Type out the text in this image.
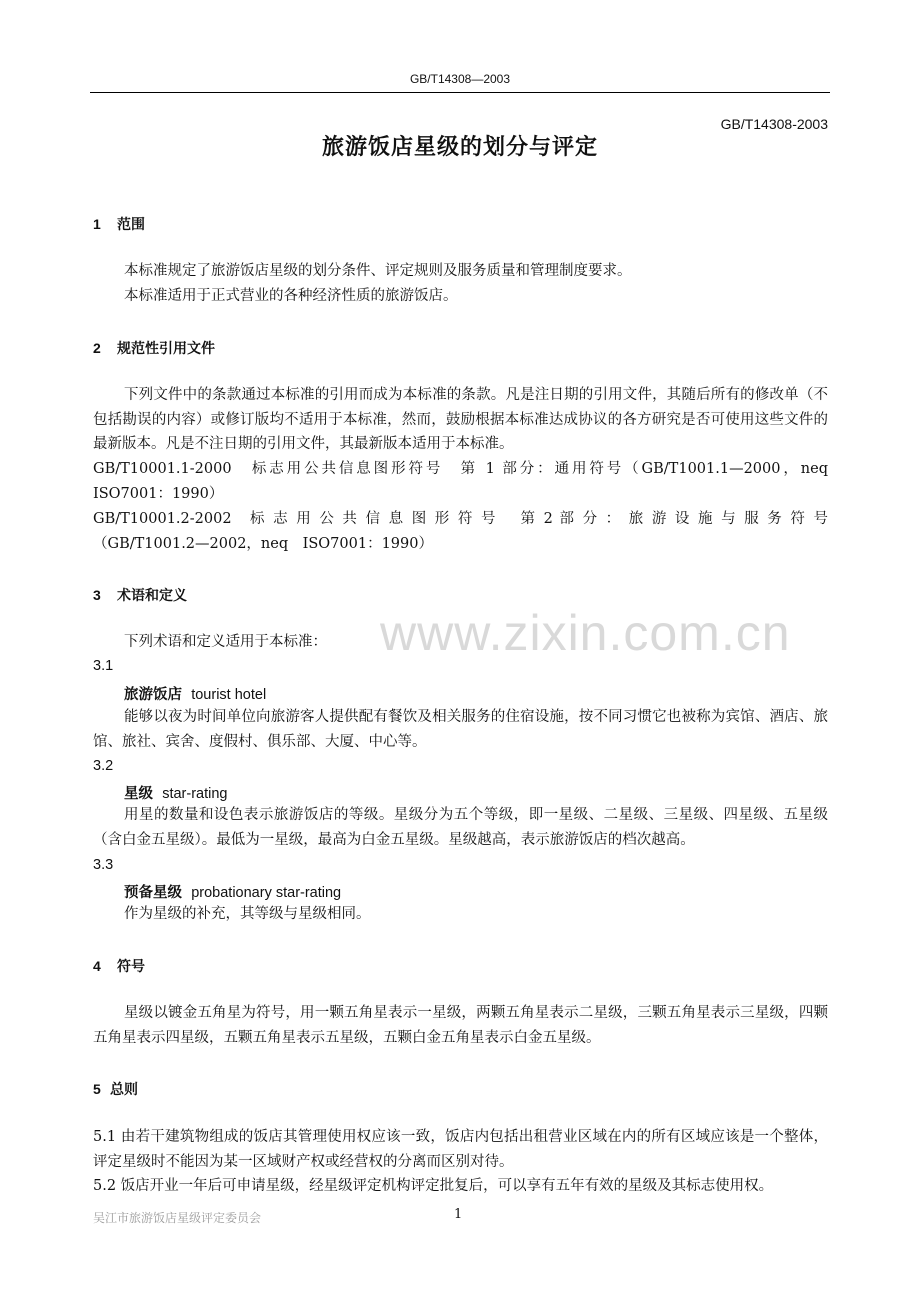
GB/T14308—2003
GB/T14308-2003
旅游饭店星级的划分与评定
www.zixin.com.cn
1 范围
本标准规定了旅游饭店星级的划分条件、评定规则及服务质量和管理制度要求。
本标准适用于正式营业的各种经济性质的旅游饭店。
2 规范性引用文件
下列文件中的条款通过本标准的引用而成为本标准的条款。凡是注日期的引用文件，其随后所有的修改单（不包括勘误的内容）或修订版均不适用于本标准，然而，鼓励根据本标准达成协议的各方研究是否可使用这些文件的最新版本。凡是不注日期的引用文件，其最新版本适用于本标准。
GB/T10001.1-2000　标志用公共信息图形符号　第 1 部分：通用符号（GB/T1001.1—2000，neq
ISO7001：1990）
GB/T10001.2-2002　标 志 用 公 共 信 息 图 形 符 号　 第 2 部 分 ： 旅 游 设 施 与 服 务 符 号
（GB/T1001.2—2002，neq　ISO7001：1990）
3 术语和定义
下列术语和定义适用于本标准：
3.1
旅游饭店 tourist hotel
能够以夜为时间单位向旅游客人提供配有餐饮及相关服务的住宿设施，按不同习惯它也被称为宾馆、酒店、旅馆、旅社、宾舍、度假村、俱乐部、大厦、中心等。
3.2
星级 star-rating
用星的数量和设色表示旅游饭店的等级。星级分为五个等级，即一星级、二星级、三星级、四星级、五星级（含白金五星级）。最低为一星级，最高为白金五星级。星级越高，表示旅游饭店的档次越高。
3.3
预备星级 probationary star-rating
作为星级的补充，其等级与星级相同。
4 符号
星级以镀金五角星为符号，用一颗五角星表示一星级，两颗五角星表示二星级，三颗五角星表示三星级，四颗五角星表示四星级，五颗五角星表示五星级，五颗白金五角星表示白金五星级。
5 总则
5.1 由若干建筑物组成的饭店其管理使用权应该一致，饭店内包括出租营业区域在内的所有区域应该是一个整体，评定星级时不能因为某一区域财产权或经营权的分离而区别对待。
5.2 饭店开业一年后可申请星级，经星级评定机构评定批复后，可以享有五年有效的星级及其标志使用权。
吴江市旅游饭店星级评定委员会	1
